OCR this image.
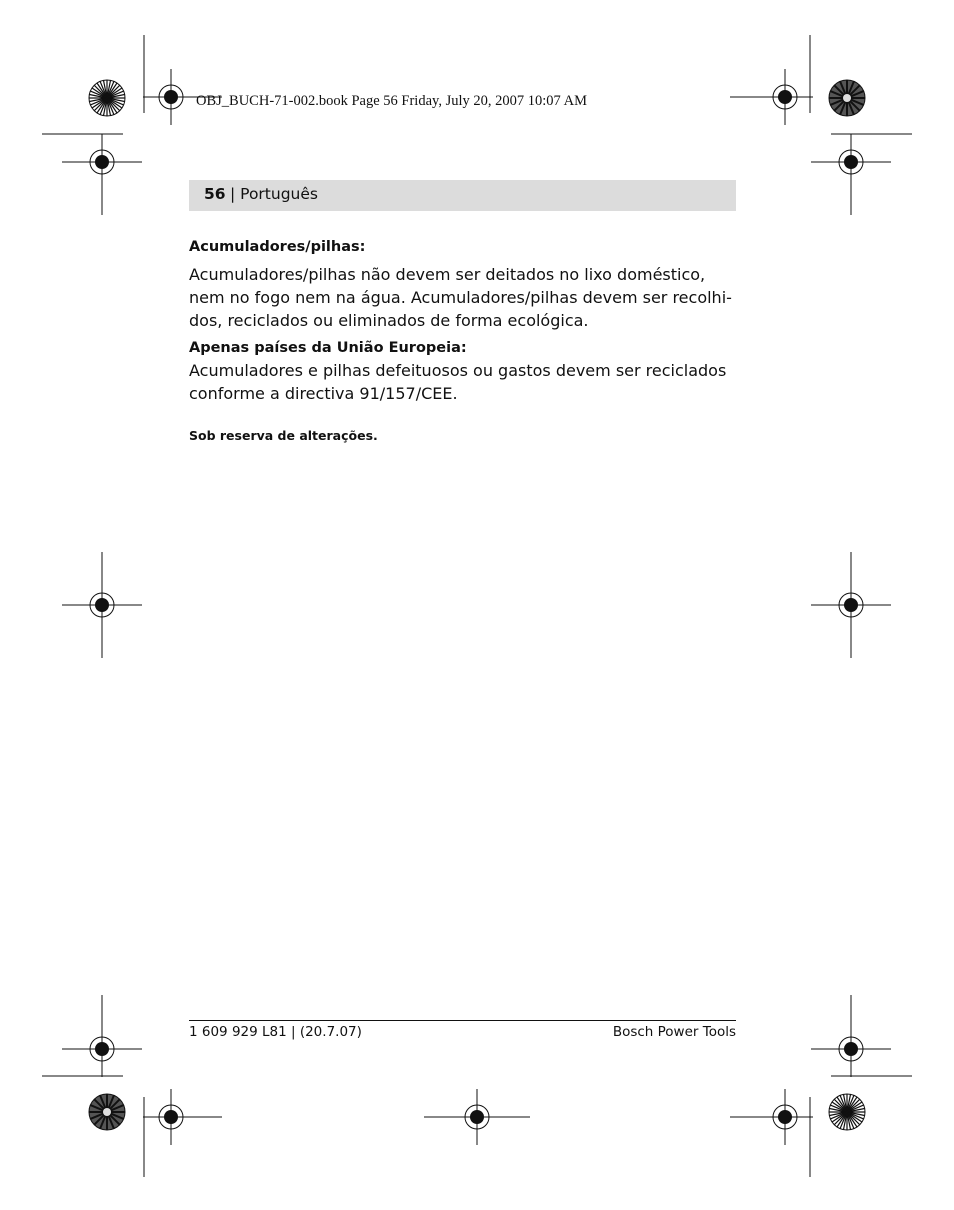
OBJ_BUCH-71-002.book Page 56 Friday, July 20, 2007 10:07 AM
56 | Português

Acumuladores/pilhas:

Acumuladores/pilhas não devem ser deitados no lixo doméstico,
nem no fogo nem na água. Acumuladores/pilhas devem ser recolhi-
dos, reciclados ou eliminados de forma ecológica.

Apenas países da União Europeia:

Acumuladores e pilhas defeituosos ou gastos devem ser reciclados
conforme a directiva 91/157/CEE.

Sob reserva de alterações.

1 609 929 L81 | (20.7.07)	Bosch Power Tools
